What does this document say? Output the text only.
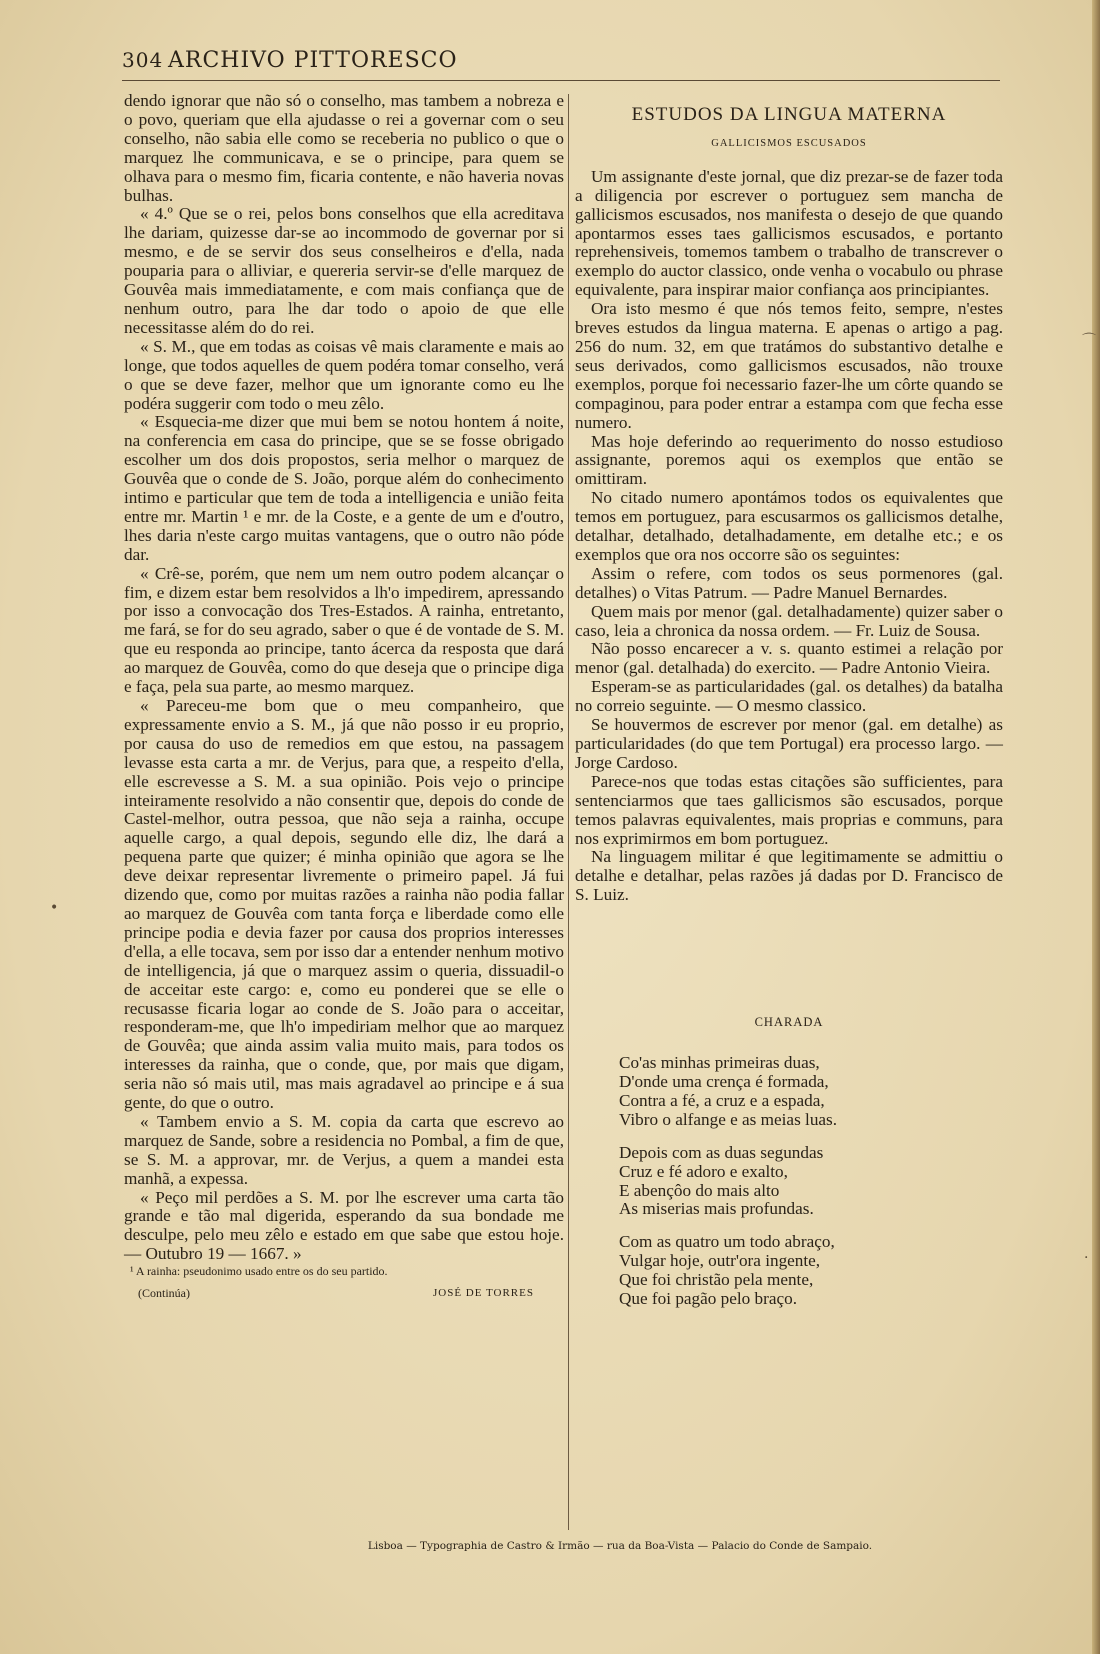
304 ARCHIVO PITTORESCO

dendo ignorar que não só o conselho, mas tambem a nobreza e o povo, queriam que ella ajudasse o rei a governar com o seu conselho, não sabia elle como se receberia no publico o que o marquez lhe communicava, e se o principe, para quem se olhava para o mesmo fim, ficaria contente, e não haveria novas bulhas.

« 4.º Que se o rei, pelos bons conselhos que ella acreditava lhe dariam, quizesse dar-se ao incommodo de governar por si mesmo, e de se servir dos seus conselheiros e d'ella, nada pouparia para o alliviar, e quereria servir-se d'elle marquez de Gouvêa mais immediatamente, e com mais confiança que de nenhum outro, para lhe dar todo o apoio de que elle necessitasse além do do rei.

« S. M., que em todas as coisas vê mais claramente e mais ao longe, que todos aquelles de quem podéra tomar conselho, verá o que se deve fazer, melhor que um ignorante como eu lhe podéra suggerir com todo o meu zêlo.

« Esquecia-me dizer que mui bem se notou hontem á noite, na conferencia em casa do principe, que se se fosse obrigado escolher um dos dois propostos, seria melhor o marquez de Gouvêa que o conde de S. João, porque além do conhecimento intimo e particular que tem de toda a intelligencia e união feita entre mr. Martin ¹ e mr. de la Coste, e a gente de um e d'outro, lhes daria n'este cargo muitas vantagens, que o outro não póde dar.

« Crê-se, porém, que nem um nem outro podem alcançar o fim, e dizem estar bem resolvidos a lh'o impedirem, apressando por isso a convocação dos Tres-Estados. A rainha, entretanto, me fará, se for do seu agrado, saber o que é de vontade de S. M. que eu responda ao principe, tanto ácerca da resposta que dará ao marquez de Gouvêa, como do que deseja que o principe diga e faça, pela sua parte, ao mesmo marquez.

« Pareceu-me bom que o meu companheiro, que expressamente envio a S. M., já que não posso ir eu proprio, por causa do uso de remedios em que estou, na passagem levasse esta carta a mr. de Verjus, para que, a respeito d'ella, elle escrevesse a S. M. a sua opinião. Pois vejo o principe inteiramente resolvido a não consentir que, depois do conde de Castel-melhor, outra pessoa, que não seja a rainha, occupe aquelle cargo, a qual depois, segundo elle diz, lhe dará a pequena parte que quizer; é minha opinião que agora se lhe deve deixar representar livremente o primeiro papel. Já fui dizendo que, como por muitas razões a rainha não podia fallar ao marquez de Gouvêa com tanta força e liberdade como elle principe podia e devia fazer por causa dos proprios interesses d'ella, a elle tocava, sem por isso dar a entender nenhum motivo de intelligencia, já que o marquez assim o queria, dissuadil-o de acceitar este cargo: e, como eu ponderei que se elle o recusasse ficaria logar ao conde de S. João para o acceitar, responderam-me, que lh'o impediriam melhor que ao marquez de Gouvêa; que ainda assim valia muito mais, para todos os interesses da rainha, que o conde, que, por mais que digam, seria não só mais util, mas mais agradavel ao principe e á sua gente, do que o outro.

« Tambem envio a S. M. copia da carta que escrevo ao marquez de Sande, sobre a residencia no Pombal, a fim de que, se S. M. a approvar, mr. de Verjus, a quem a mandei esta manhã, a expessa.

« Peço mil perdões a S. M. por lhe escrever uma carta tão grande e tão mal digerida, esperando da sua bondade me desculpe, pelo meu zêlo e estado em que sabe que estou hoje. — Outubro 19 — 1667. »

¹ A rainha: pseudonimo usado entre os do seu partido.

(Continúa)	JOSÉ DE TORRES
ESTUDOS DA LINGUA MATERNA
GALLICISMOS ESCUSADOS

Um assignante d'este jornal, que diz prezar-se de fazer toda a diligencia por escrever o portuguez sem mancha de gallicismos escusados, nos manifesta o desejo de que quando apontarmos esses taes gallicismos escusados, e portanto reprehensiveis, tomemos tambem o trabalho de transcrever o exemplo do auctor classico, onde venha o vocabulo ou phrase equivalente, para inspirar maior confiança aos principiantes.

Ora isto mesmo é que nós temos feito, sempre, n'estes breves estudos da lingua materna. E apenas o artigo a pag. 256 do num. 32, em que tratámos do substantivo detalhe e seus derivados, como gallicismos escusados, não trouxe exemplos, porque foi necessario fazer-lhe um côrte quando se compaginou, para poder entrar a estampa com que fecha esse numero.

Mas hoje deferindo ao requerimento do nosso estudioso assignante, poremos aqui os exemplos que então se omittiram.

No citado numero apontámos todos os equivalentes que temos em portuguez, para escusarmos os gallicismos detalhe, detalhar, detalhado, detalhadamente, em detalhe etc.; e os exemplos que ora nos occorre são os seguintes:

Assim o refere, com todos os seus pormenores (gal. detalhes) o Vitas Patrum. — Padre Manuel Bernardes.

Quem mais por menor (gal. detalhadamente) quizer saber o caso, leia a chronica da nossa ordem. — Fr. Luiz de Sousa.

Não posso encarecer a v. s. quanto estimei a relação por menor (gal. detalhada) do exercito. — Padre Antonio Vieira.

Esperam-se as particularidades (gal. os detalhes) da batalha no correio seguinte. — O mesmo classico.

Se houvermos de escrever por menor (gal. em detalhe) as particularidades (do que tem Portugal) era processo largo. — Jorge Cardoso.

Parece-nos que todas estas citações são sufficientes, para sentenciarmos que taes gallicismos são escusados, porque temos palavras equivalentes, mais proprias e communs, para nos exprimirmos em bom portuguez.

Na linguagem militar é que legitimamente se admittiu o detalhe e detalhar, pelas razões já dadas por D. Francisco de S. Luiz.

CHARADA
Co'as minhas primeiras duas,
D'onde uma crença é formada,
Contra a fé, a cruz e a espada,
Vibro o alfange e as meias luas.
Depois com as duas segundas
Cruz e fé adoro e exalto,
E abençôo do mais alto
As miserias mais profundas.
Com as quatro um todo abraço,
Vulgar hoje, outr'ora ingente,
Que foi christão pela mente,
Que foi pagão pelo braço.
Lisboa — Typographia de Castro & Irmão — rua da Boa-Vista — Palacio do Conde de Sampaio.
⌒
·
•
